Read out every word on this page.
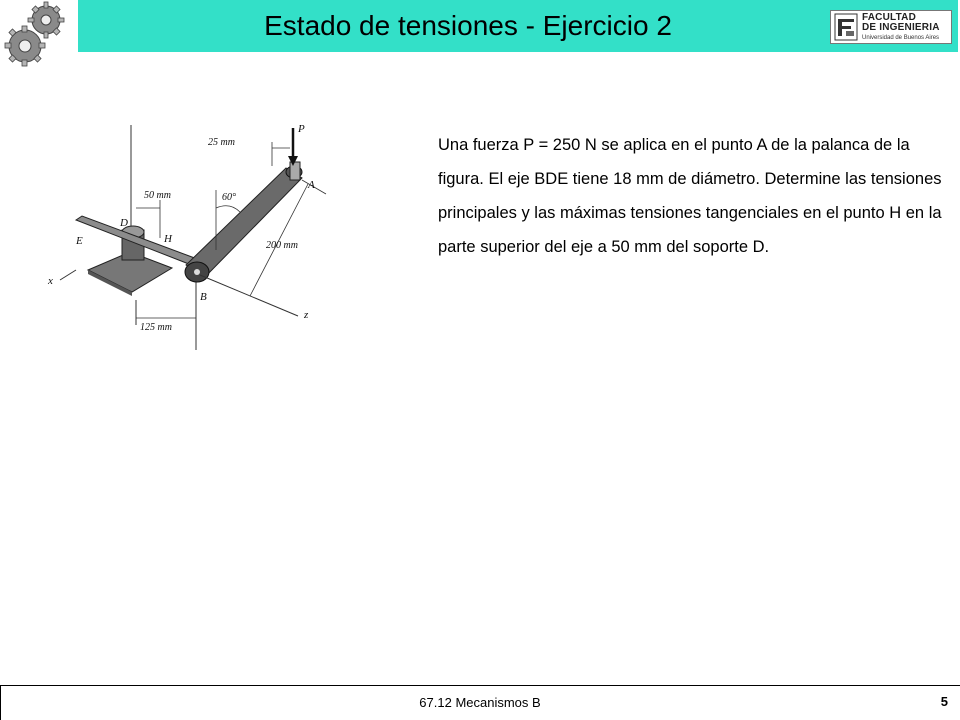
Estado de tensiones - Ejercicio 2	FACULTAD
DE INGENIERIA
Universidad de Buenos Aires
P
A
D
E	H
B
x
z
25 mm
50 mm	60°
200 mm
125 mm
Una fuerza P = 250 N se aplica en el punto A de la palanca de la figura. El eje BDE tiene 18 mm de diámetro. Determine las tensiones principales y las máximas tensiones tangenciales en el punto H en la parte superior del eje a 50 mm del soporte D.
67.12 Mecanismos B	5
